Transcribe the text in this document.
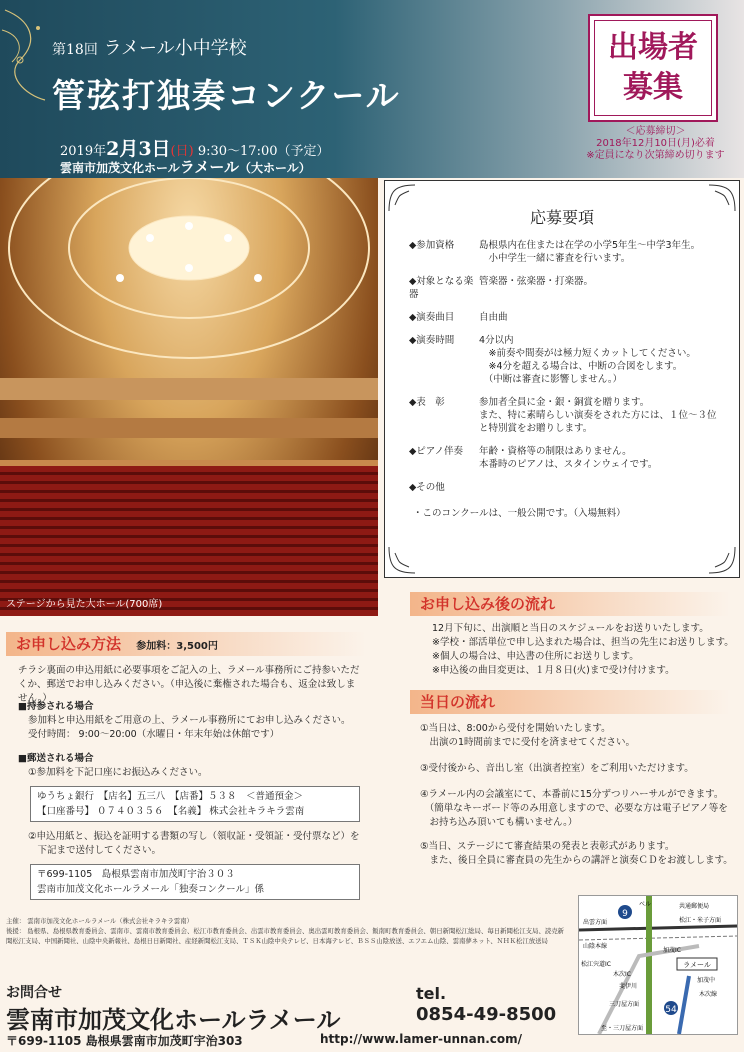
第18回 ラメール小中学校
管弦打独奏コンクール
2019年2月3日(日) 9:30～17:00（予定）
雲南市加茂文化ホールラメール（大ホール）
出場者
募集
＜応募締切＞
2018年12月10日(月)必着
※定員になり次第締め切ります
ステージから見た大ホール(700席)
応募要項
◆参加資格	島根県内在住または在学の小学5年生～中学3年生。
　小中学生一緒に審査を行います。
◆対象となる楽器
管楽器・弦楽器・打楽器。
◆演奏曲目	自由曲
◆演奏時間	4分以内
　※前奏や間奏がは極力短くカットしてください。
　※4分を超える場合は、中断の合図をします。
　（中断は審査に影響しません。）
◆表　彰	参加者全員に金・銀・銅賞を贈ります。
また、特に素晴らしい演奏をされた方には、１位～３位と特別賞をお贈りします。
◆ピアノ伴奏	年齢・資格等の制限はありません。
本番時のピアノは、スタインウェイです。
◆その他

・このコンクールは、一般公開です。（入場無料）
お申し込み方法 参加料：3,500円
チラシ裏面の申込用紙に必要事項をご記入の上、ラメール事務所にご持参いただくか、郵送でお申し込みください。（申込後に棄権された場合も、返金は致しません。）
■持参される場合
参加料と申込用紙をご用意の上、ラメール事務所にてお申し込みください。
受付時間： 9:00～20:00（水曜日・年末年始は休館です）
■郵送される場合
①参加料を下記口座にお振込みください。
ゆうちょ銀行　【店名】五三八　【店番】５３８　＜普通預金＞
【口座番号】 ０７４０３５６　【名義】 株式会社キラキラ雲南
②申込用紙と、振込を証明する書類の写し（領収証・受領証・受付票など）を
　下記まで送付してください。
〒699-1105　島根県雲南市加茂町宇治３０３
雲南市加茂文化ホールラメール「独奏コンクール」係
お申し込み後の流れ
12月下旬に、出演順と当日のスケジュールをお送りいたします。
※学校・部活単位で申し込まれた場合は、担当の先生にお送りします。
※個人の場合は、申込書の住所にお送りします。
※申込後の曲目変更は、１月８日(火)まで受け付けます。
当日の流れ
①当日は、8:00から受付を開始いたします。
　出演の1時間前までに受付を済ませてください。
③受付後から、音出し室（出演者控室）をご利用いただけます。
④ラメール内の会議室にて、本番前に15分ずつリハーサルができます。
　（簡単なキーボード等のみ用意しますので、必要な方は電子ピアノ等を
　お持ち込み頂いても構いません。）
⑤当日、ステージにて審査結果の発表と表彰式があります。
　また、後日全員に審査員の先生からの講評と演奏ＣＤをお渡しします。
主催： 雲南市加茂文化ホールラメール（株式会社キラキラ雲南）
後援： 島根県、島根県教育委員会、雲南市、雲南市教育委員会、松江市教育委員会、出雲市教育委員会、奥出雲町教育委員会、飯南町教育委員会、朝日新聞松江総局、毎日新聞松江支局、読売新聞松江支局、中国新聞社、山陰中央新報社、島根日日新聞社、産経新聞松江支局、ＴＳＫ山陰中央テレビ、日本海テレビ、ＢＳＳ山陰放送、エフエム山陰、雲南夢ネット、ＮＨＫ松江放送局
9
54
ラメール
共通郵便局
出雲方面	松江・米子方面
ベル
山陰本線
加茂中
斐伊川
三刀屋方面
木次IC
加茂IC
松江宍道IC
木次線
至・三刀屋方面
お問合せ
雲南市加茂文化ホールラメール
tel.
0854-49-8500
〒699-1105 島根県雲南市加茂町宇治303	http://www.lamer-unnan.com/
